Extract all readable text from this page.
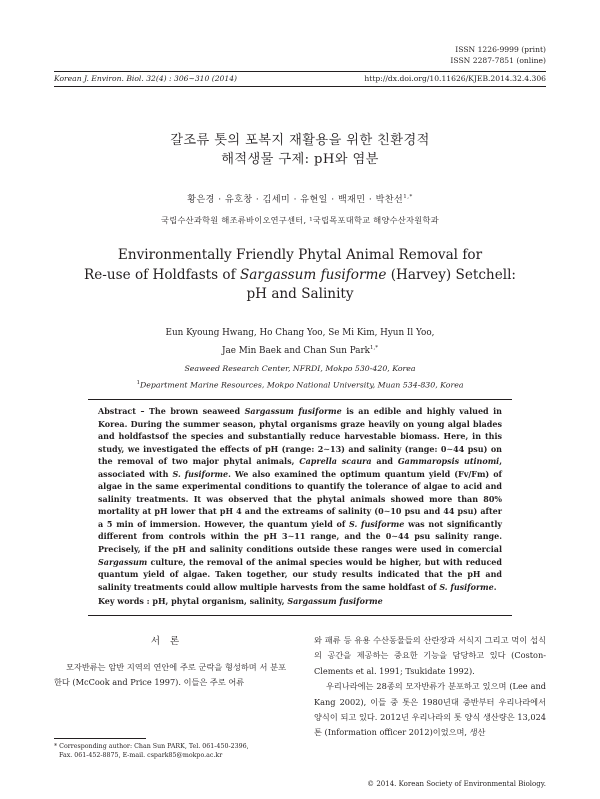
ISSN 1226-9999 (print)
ISSN 2287-7851 (online)
Korean J. Environ. Biol. 32(4) : 306~310 (2014)	http://dx.doi.org/10.11626/KJEB.2014.32.4.306
갈조류 톳의 포복지 재활용을 위한 친환경적
해적생물 구제: pH와 염분
황은경 · 유호창 · 김세미 · 유현일 · 백재민 · 박찬선$^{1,*}$
국립수산과학원 해조류바이오연구센터, ¹국립목포대학교 해양수산자원학과
Environmentally Friendly Phytal Animal Removal for
Re-use of Holdfasts of Sargassum fusiforme (Harvey) Setchell:
pH and Salinity
Eun Kyoung Hwang, Ho Chang Yoo, Se Mi Kim, Hyun Il Yoo,
Jae Min Baek and Chan Sun Park$^{1,*}$
Seaweed Research Center, NFRDI, Mokpo 530-420, Korea
$^1$Department Marine Resources, Mokpo National University, Muan 534-830, Korea
Abstract – The brown seaweed Sargassum fusiforme is an edible and highly valued in Korea. During the summer season, phytal organisms graze heavily on young algal blades and holdfastsof the species and substantially reduce harvestable biomass. Here, in this study, we investigated the effects of pH (range: 2∼13) and salinity (range: 0∼44 psu) on the removal of two major phytal animals, Caprella scaura and Gammaropsis utinomi, associated with S. fusiforme. We also examined the optimum quantum yield (Fv/Fm) of algae in the same experimental conditions to quantify the tolerance of algae to acid and salinity treatments. It was observed that the phytal animals showed more than 80% mortality at pH lower that pH 4 and the extreams of salinity (0∼10 psu and 44 psu) after a 5 min of immersion. However, the quantum yield of S. fusiforme was not significantly different from controls within the pH 3∼11 range, and the 0∼44 psu salinity range. Precisely, if the pH and salinity conditions outside these ranges were used in comercial Sargassum culture, the removal of the animal species would be higher, but with reduced quantum yield of algae. Taken together, our study results indicated that the pH and salinity treatments could allow multiple harvests from the same holdfast of S. fusiforme.
Key words : pH, phytal organism, salinity, Sargassum fusiforme
서론
모자반류는 암반 지역의 연안에 주로 군락을 형성하며 서 분포한다 (McCook and Price 1997). 이들은 주로 어류
와 패류 등 유용 수산동물들의 산란장과 서식지 그리고 먹이 섭식의 공간을 제공하는 중요한 기능을 담당하고 있다 (Coston-Clements et al. 1991; Tsukidate 1992).
우리나라에는 28종의 모자반류가 분포하고 있으며 (Lee and Kang 2002), 이들 중 톳은 1980년대 중반부터 우리나라에서 양식이 되고 있다. 2012년 우리나라의 톳 양식 생산량은 13,024톤 (Information officer 2012)이었으며, 생산
* Corresponding author: Chan Sun PARK, Tel. 061-450-2396,
Fax. 061-452-8875, E-mail. cspark85@mokpo.ac.kr
© 2014. Korean Society of Environmental Biology.
